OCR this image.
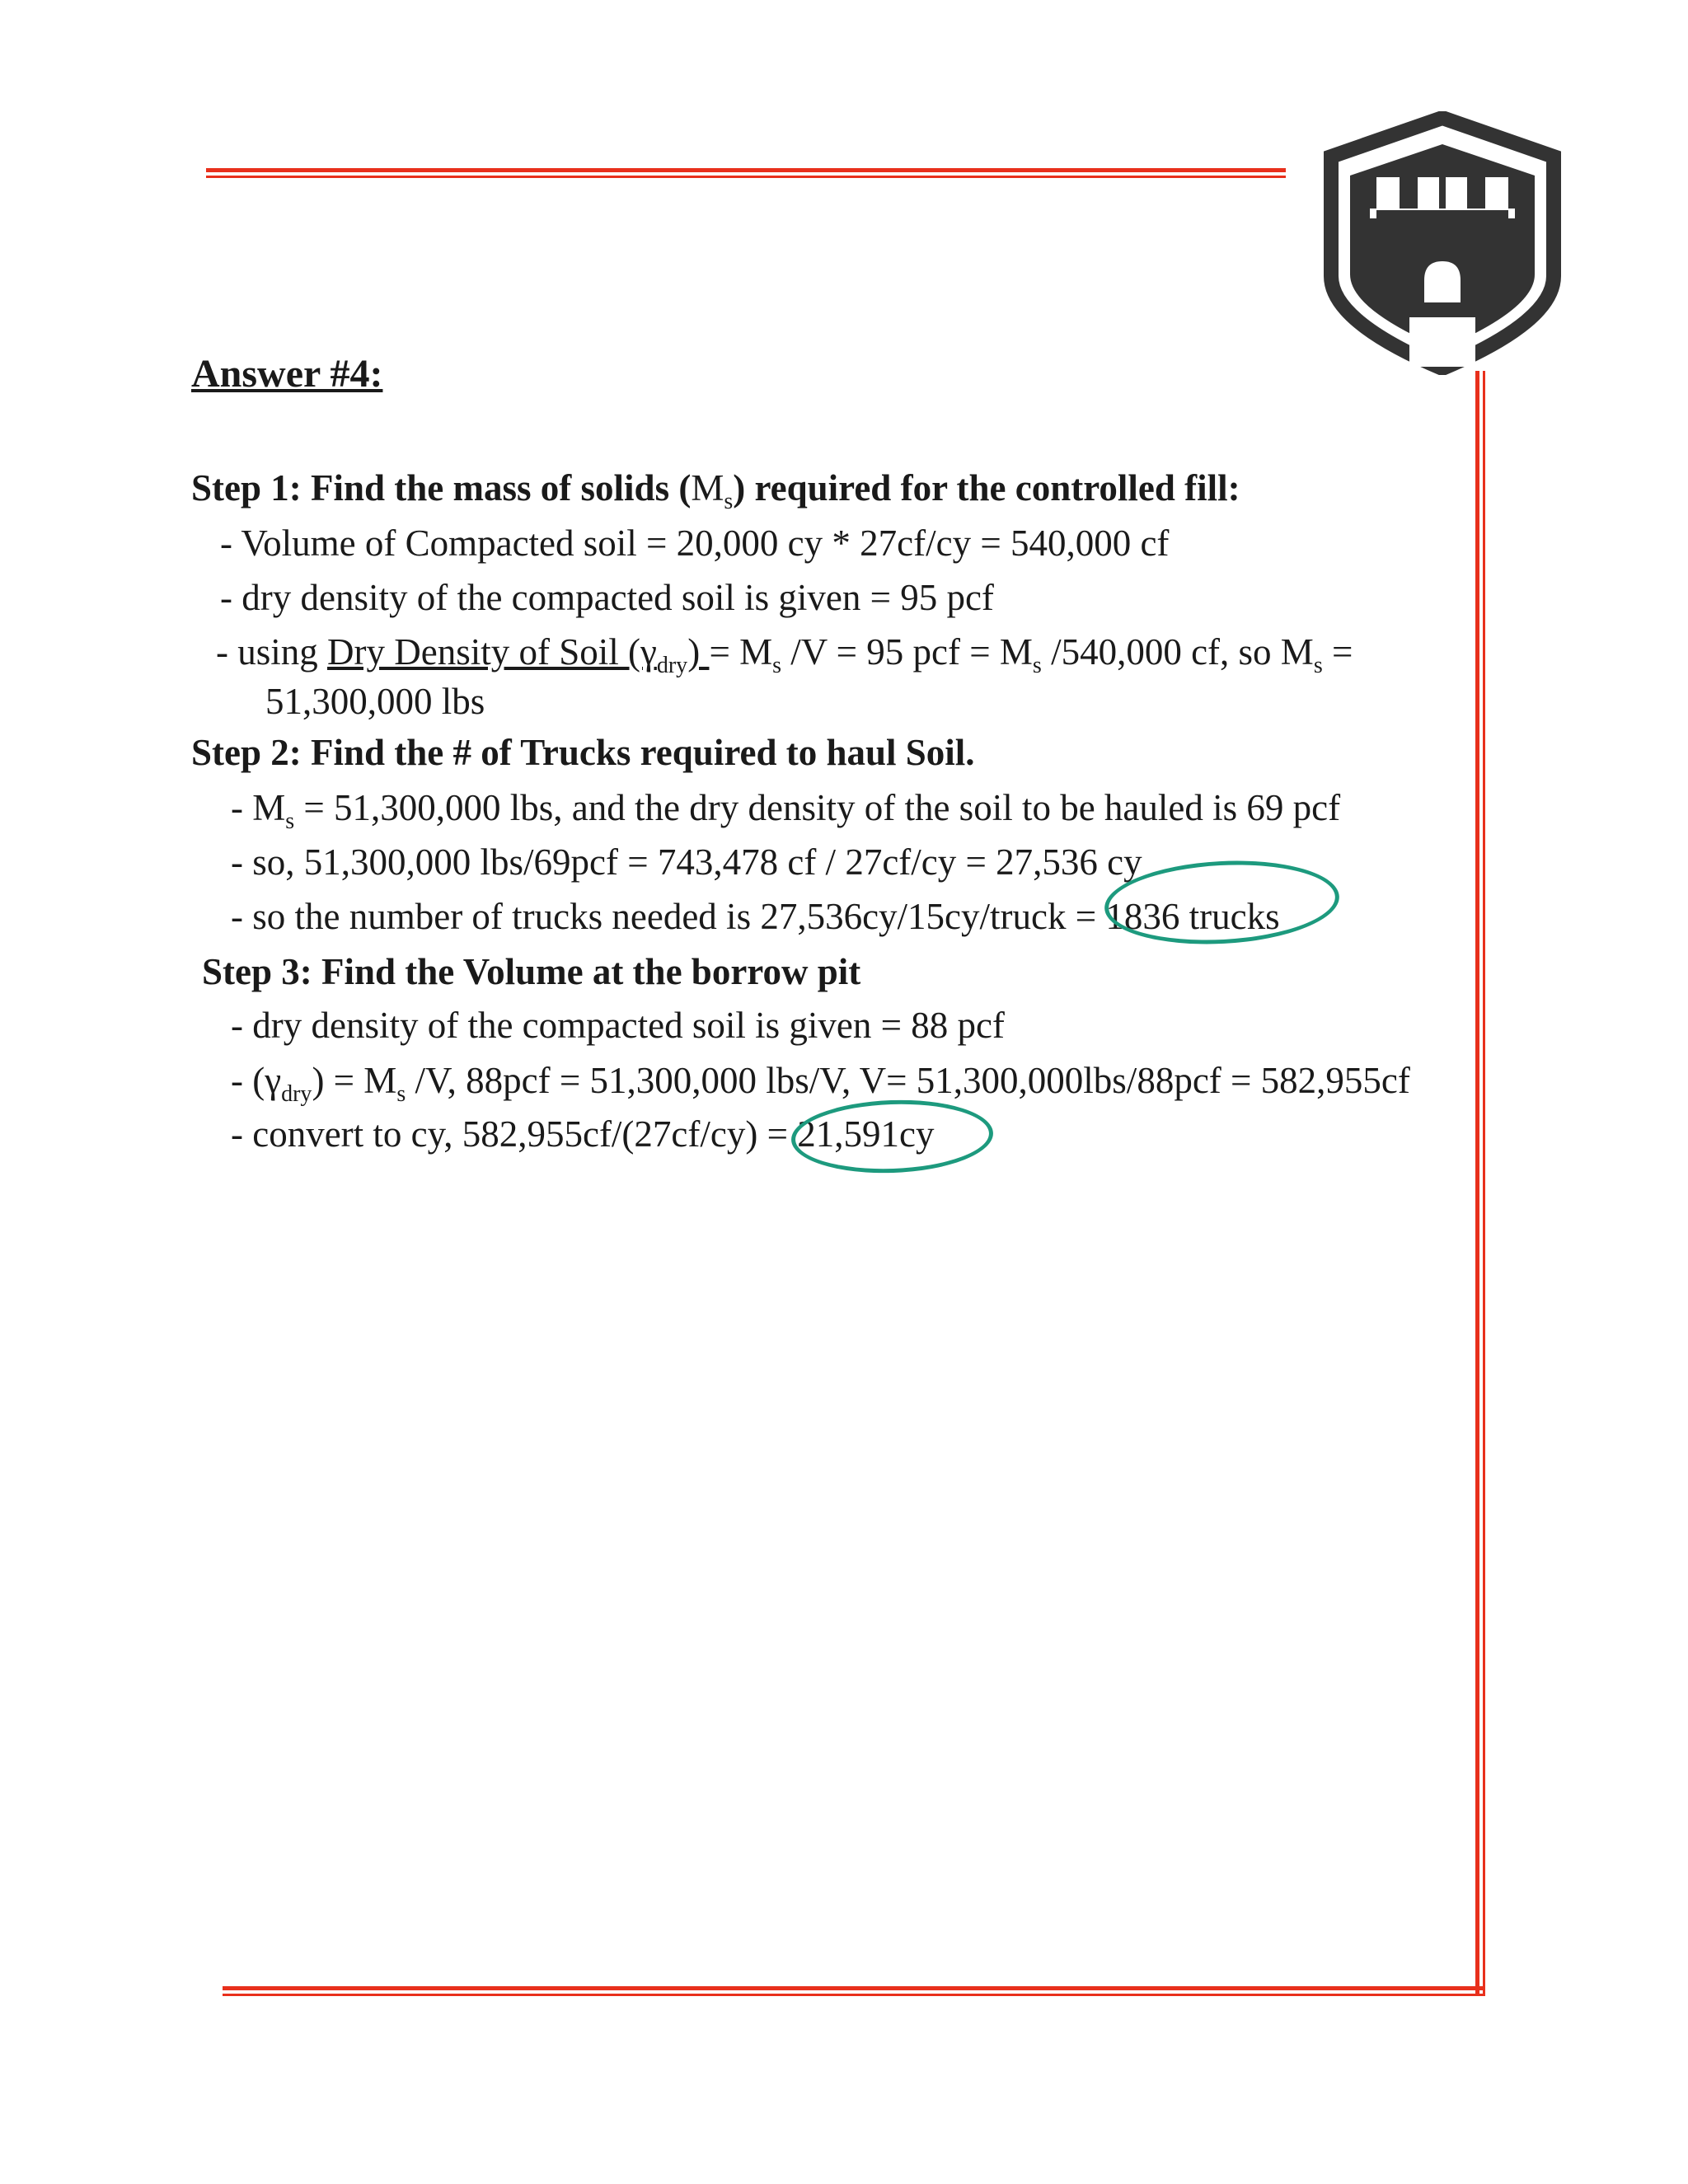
Answer #4:
Step 1: Find the mass of solids $(M_s)$ required for the controlled fill:
- Volume of Compacted soil = 20,000 cy * 27cf/cy = 540,000 cf
- dry density of the compacted soil is given = 95 pcf
- using Dry Density of Soil $(\gamma_{dry}) = M_s$ /V = 95 pcf = $M_s$ /540,000 cf, so $M_s$ =
51,300,000 lbs
Step 2: Find the # of Trucks required to haul Soil.
- $M_s = 51,300,000$ lbs, and the dry density of the soil to be hauled is 69 pcf
- so, 51,300,000 lbs/69pcf = 743,478 cf / 27cf/cy = 27,536 cy
- so the number of trucks needed is 27,536cy/15cy/truck = 1836 trucks
Step 3: Find the Volume at the borrow pit
- dry density of the compacted soil is given = 88 pcf
- $(\gamma_{dry}) = M_s$ /V, 88pcf = 51,300,000 lbs/V, V= 51,300,000lbs/88pcf = 582,955cf
- convert to cy, 582,955cf/(27cf/cy) = 21,591cy
